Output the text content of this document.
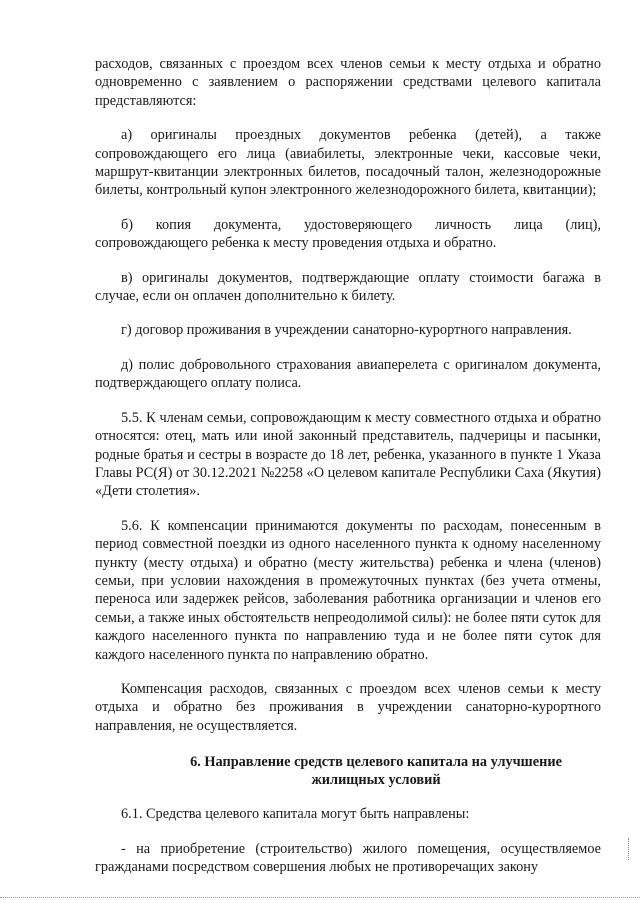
расходов, связанных с проездом всех членов семьи к месту отдыха и обратно одновременно с заявлением о распоряжении средствами целевого капитала представляются:

а) оригиналы проездных документов ребенка (детей), а также сопровождающего его лица (авиабилеты, электронные чеки, кассовые чеки, маршрут-квитанции электронных билетов, посадочный талон, железнодорожные билеты, контрольный купон электронного железнодорожного билета, квитанции);

б) копия документа, удостоверяющего личность лица (лиц), сопровождающего ребенка к месту проведения отдыха и обратно.

в) оригиналы документов, подтверждающие оплату стоимости багажа в случае, если он оплачен дополнительно к билету.

г) договор проживания в учреждении санаторно-курортного направления.

д) полис добровольного страхования авиаперелета с оригиналом документа, подтверждающего оплату полиса.

5.5. К членам семьи, сопровождающим к месту совместного отдыха и обратно относятся: отец, мать или иной законный представитель, падчерицы и пасынки, родные братья и сестры в возрасте до 18 лет, ребенка, указанного в пункте 1 Указа Главы РС(Я) от 30.12.2021 №2258 «О целевом капитале Республики Саха (Якутия) «Дети столетия».

5.6. К компенсации принимаются документы по расходам, понесенным в период совместной поездки из одного населенного пункта к одному населенному пункту (месту отдыха) и обратно (месту жительства) ребенка и члена (членов) семьи, при условии нахождения в промежуточных пунктах (без учета отмены, переноса или задержек рейсов, заболевания работника организации и членов его семьи, а также иных обстоятельств непреодолимой силы): не более пяти суток для каждого населенного пункта по направлению туда и не более пяти суток для каждого населенного пункта по направлению обратно.

Компенсация расходов, связанных с проездом всех членов семьи к месту отдыха и обратно без проживания в учреждении санаторно-курортного направления, не осуществляется.

6. Направление средств целевого капитала на улучшение
жилищных условий

6.1. Средства целевого капитала могут быть направлены:

- на приобретение (строительство) жилого помещения, осуществляемое гражданами посредством совершения любых не противоречащих закону
